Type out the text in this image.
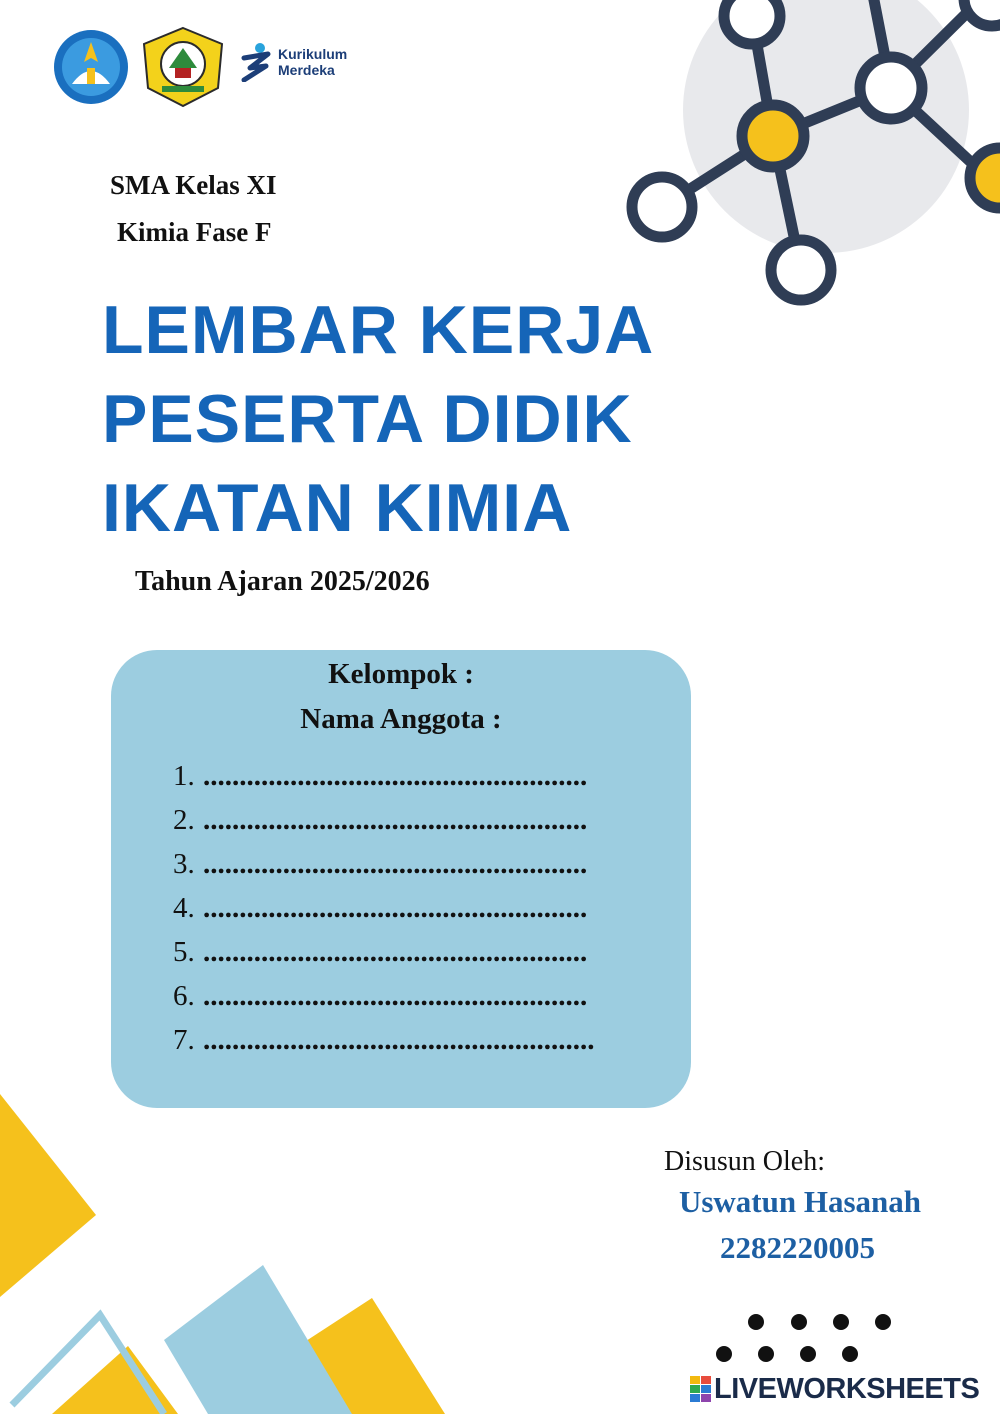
Kurikulum
Merdeka
SMA Kelas XI
Kimia Fase F
LEMBAR KERJA
PESERTA DIDIK
IKATAN KIMIA
Tahun Ajaran 2025/2026
Kelompok :
Nama Anggota :
1. .....................................................
2. .....................................................
3. .....................................................
4. .....................................................
5. .....................................................
6. .....................................................
7. ......................................................
Disusun Oleh:
Uswatun Hasanah
2282220005
LIVEWORKSHEETS
